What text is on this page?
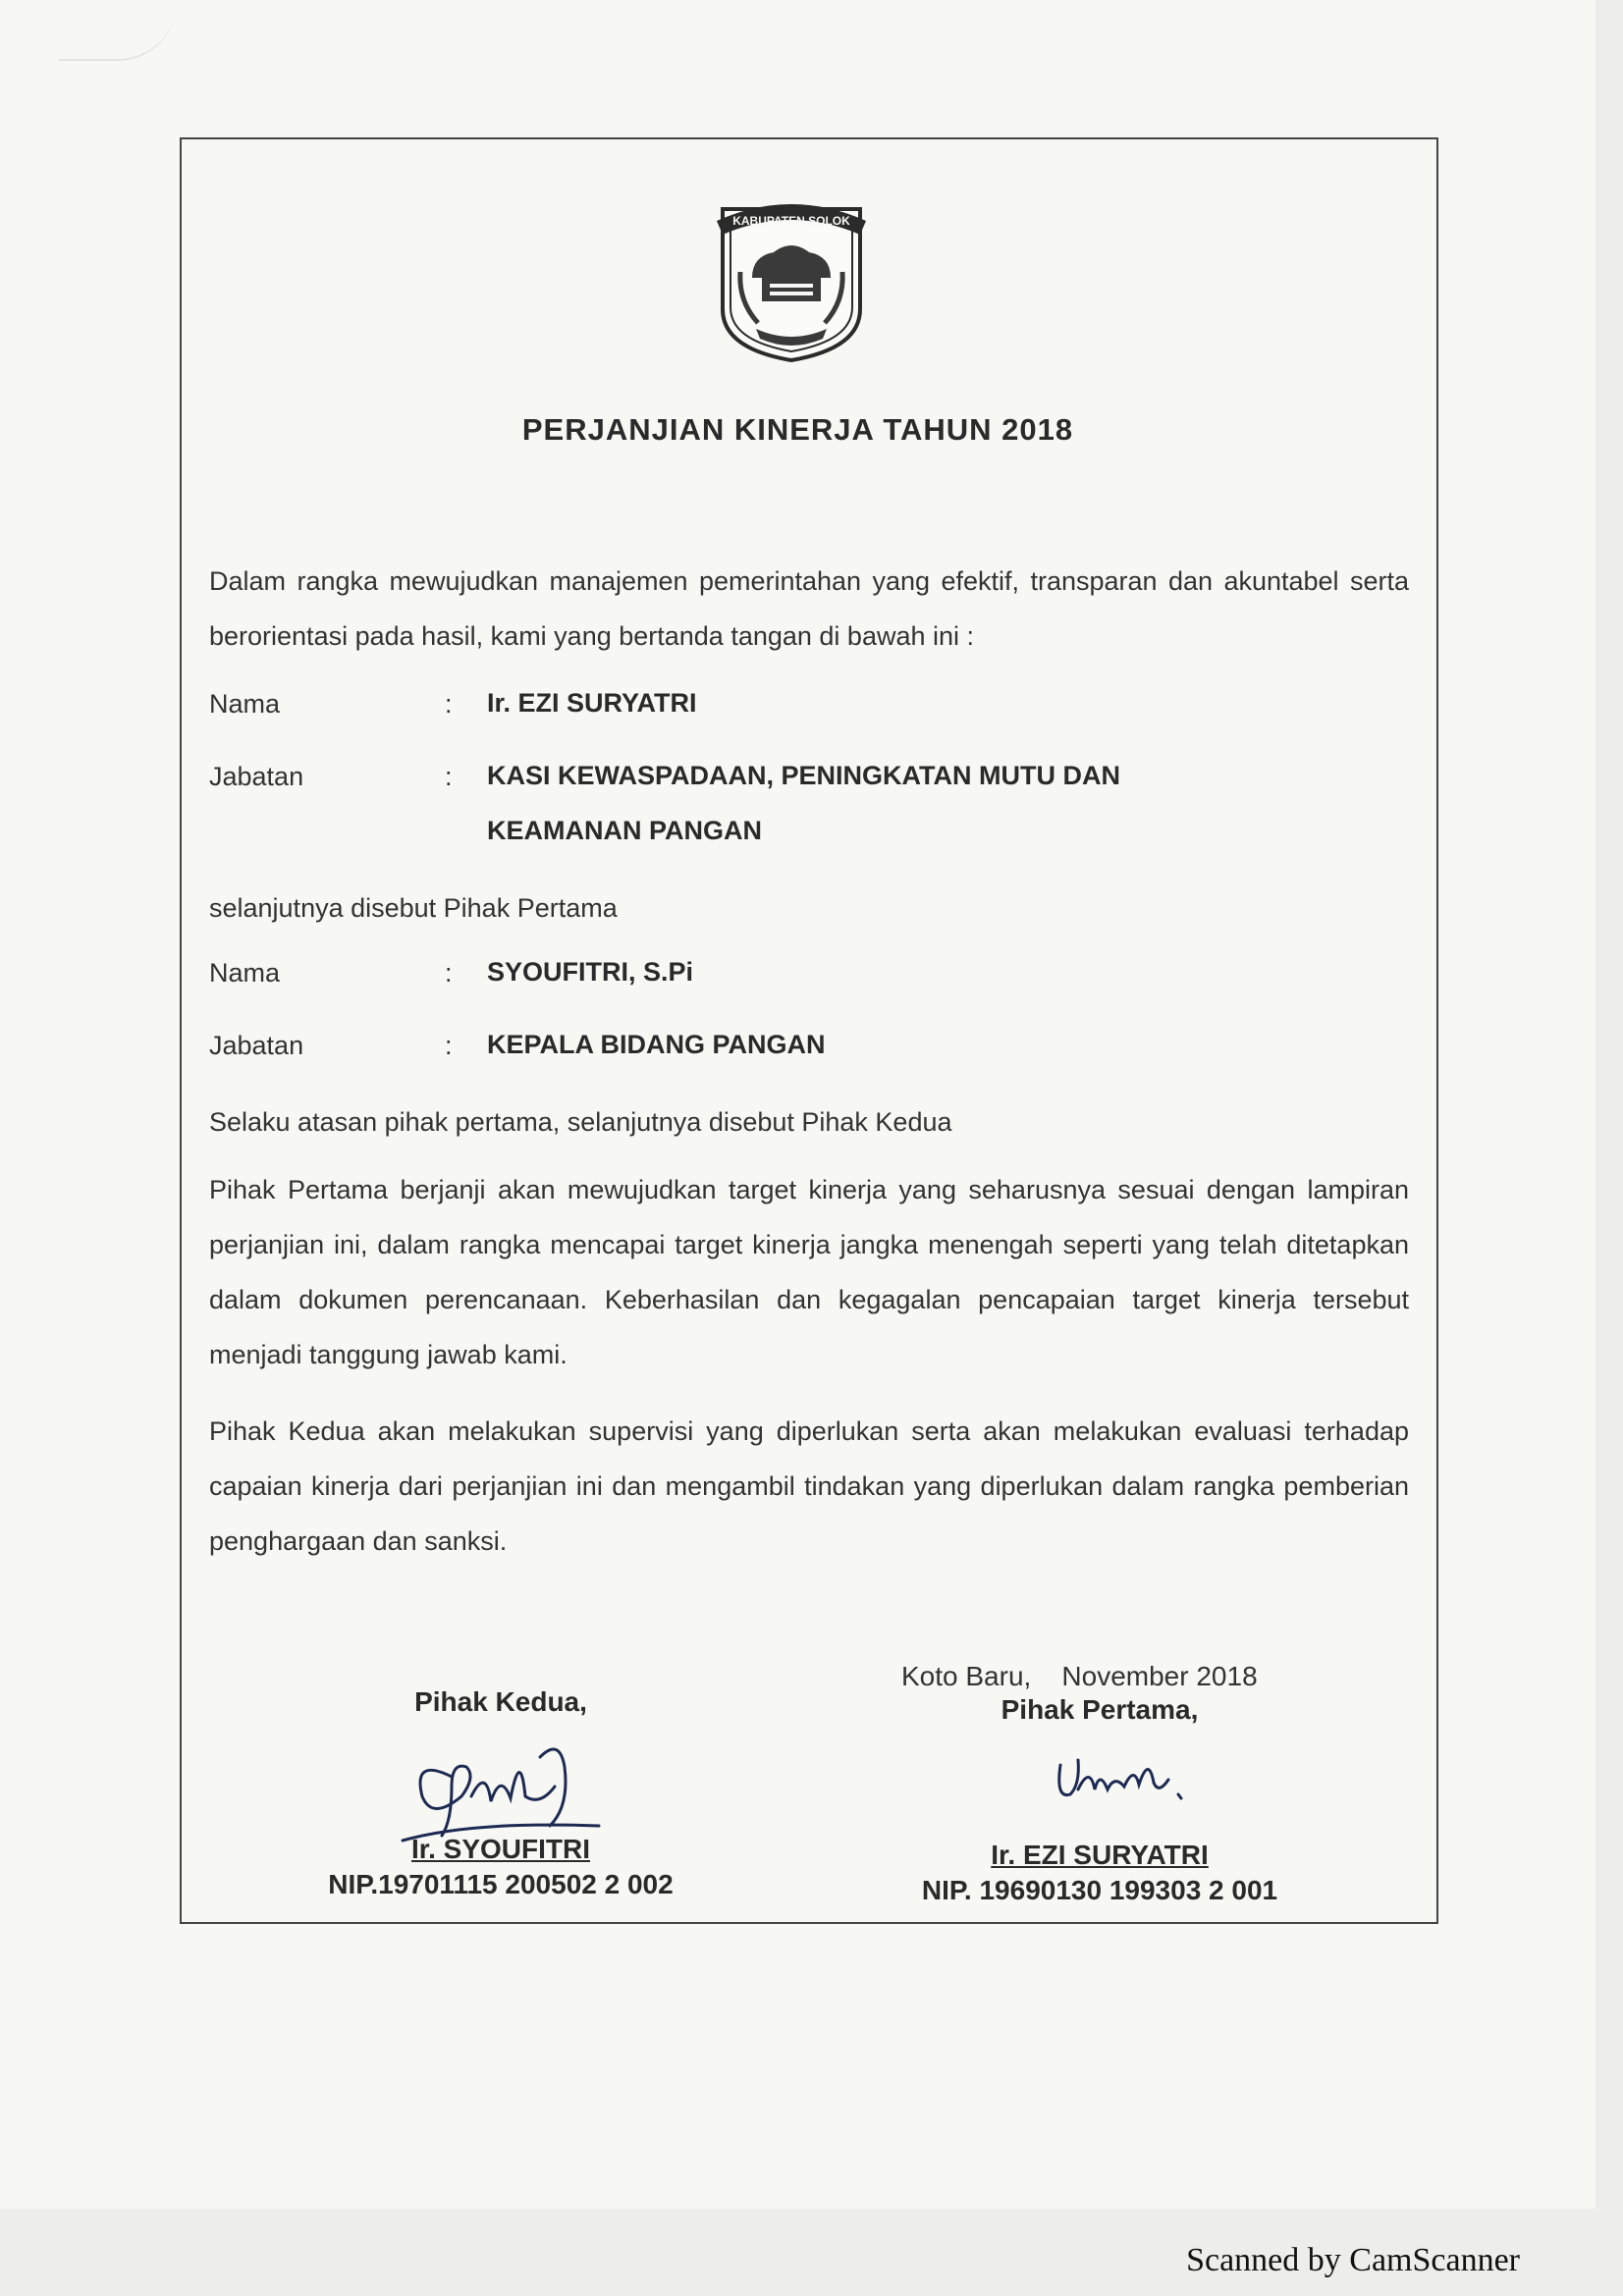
KABUPATEN SOLOK
PERJANJIAN KINERJA TAHUN 2018

Dalam rangka mewujudkan manajemen pemerintahan yang efektif, transparan dan akuntabel serta berorientasi pada hasil, kami yang bertanda tangan di bawah ini :

Nama	: Ir. EZI SURYATRI
Jabatan	: KASI KEWASPADAAN, PENINGKATAN MUTU DAN KEAMANAN PANGAN
selanjutnya disebut Pihak Pertama
Nama	: SYOUFITRI, S.Pi
Jabatan	: KEPALA BIDANG PANGAN
Selaku atasan pihak pertama, selanjutnya disebut Pihak Kedua

Pihak Pertama berjanji akan mewujudkan target kinerja yang seharusnya sesuai dengan lampiran perjanjian ini, dalam rangka mencapai target kinerja jangka menengah seperti yang telah ditetapkan dalam dokumen perencanaan. Keberhasilan dan kegagalan pencapaian target kinerja tersebut menjadi tanggung jawab kami.

Pihak Kedua akan melakukan supervisi yang diperlukan serta akan melakukan evaluasi terhadap capaian kinerja dari perjanjian ini dan mengambil tindakan yang diperlukan dalam rangka pemberian penghargaan dan sanksi.

Koto Baru,    November 2018
Pihak Kedua,
Ir. SYOUFITRI
NIP.19701115 200502 2 002
Pihak Pertama,
Ir. EZI SURYATRI
NIP. 19690130 199303 2 001
Scanned by CamScanner
